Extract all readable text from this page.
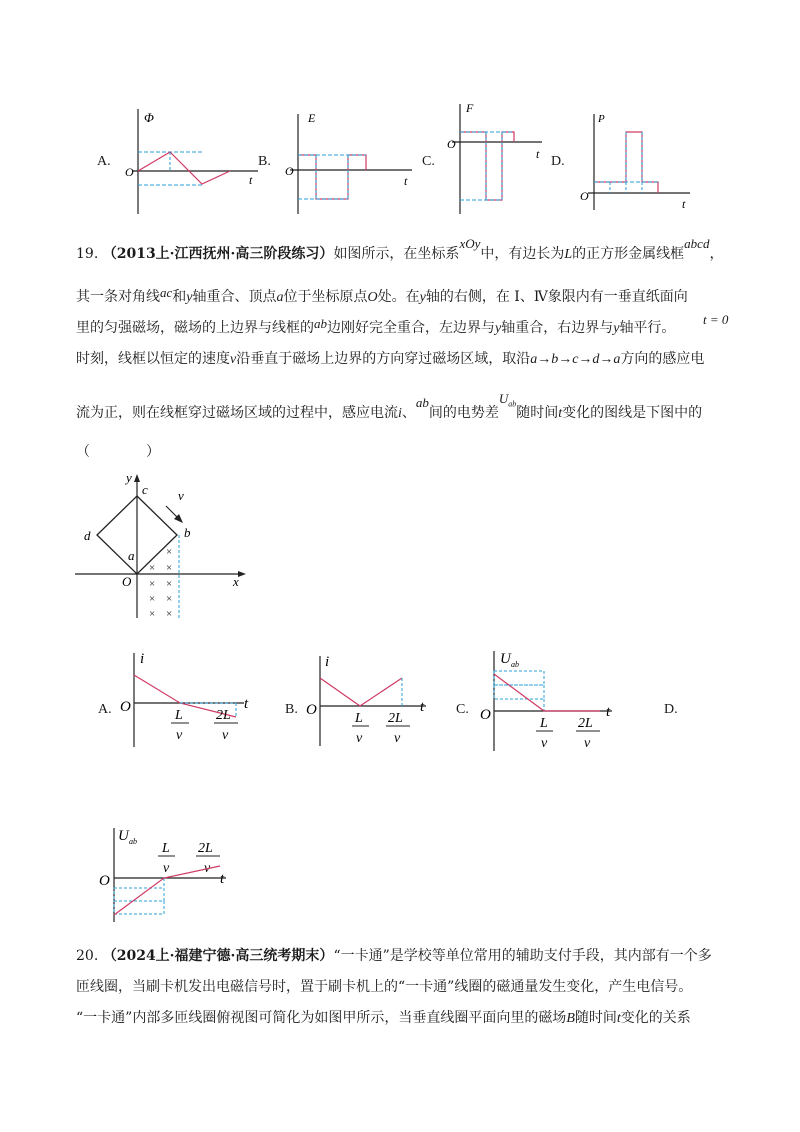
A.
Φ
O
t
B.
E
O
t
C.
F
O
t D.
P
O
t
19. （2013上·江西抚州·高三阶段练习）如图所示，在坐标系xOy中，有边长为L的正方形金属线框abcd，
其一条对角线ac和y轴重合、顶点a位于坐标原点O处。在y轴的右侧，在 Ⅰ、Ⅳ象限内有一垂直纸面向
里的匀强磁场，磁场的上边界与线框的ab边刚好完全重合，左边界与y轴重合，右边界与y轴平行。
t = 0
时刻，线框以恒定的速度v沿垂直于磁场上边界的方向穿过磁场区域，取沿a→b→c→d→a方向的感应电
流为正，则在线框穿过磁场区域的过程中，感应电流i、ab间的电势差$U_{ab}$随时间t变化的图线是下图中的
（　　　　）
×
× ×
× ×
× ×
× ×
y
c v
b
d
a
O	x
A.
i
O	t
L
v
2L
v
B.
i
O	t
L
v
2L
v
C.
U ab
O	t
L
v
2L
v
D.
U ab
O	t
L
v
2L
v
20. （2024上·福建宁德·高三统考期末）“一卡通”是学校等单位常用的辅助支付手段，其内部有一个多
匝线圈，当刷卡机发出电磁信号时，置于刷卡机上的“一卡通”线圈的磁通量发生变化，产生电信号。
“一卡通”内部多匝线圈俯视图可简化为如图甲所示，当垂直线圈平面向里的磁场B随时间t变化的关系
